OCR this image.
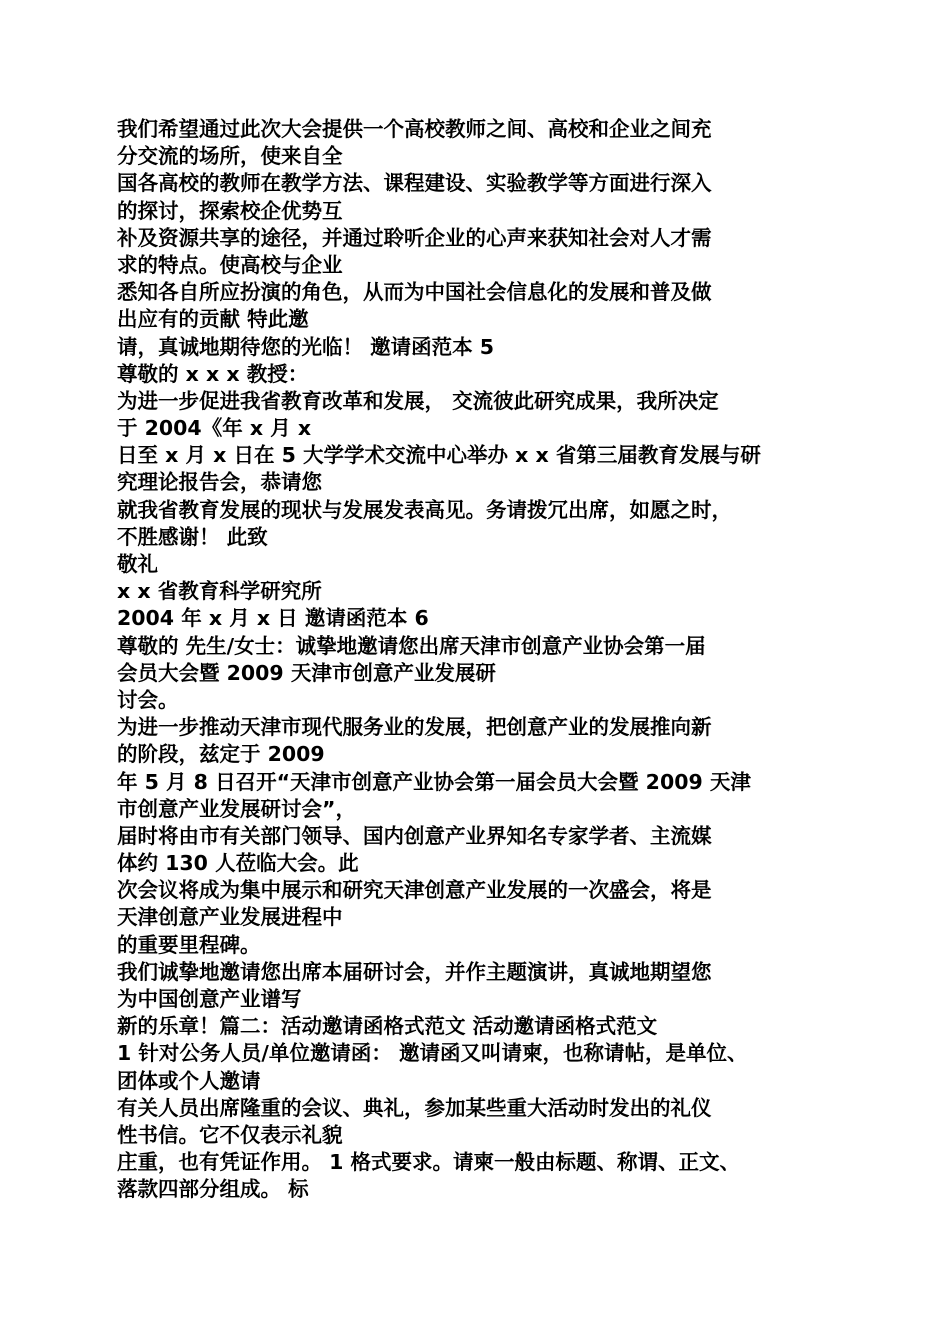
我们希望通过此次大会提供一个高校教师之间、高校和企业之间充
分交流的场所，使来自全
国各高校的教师在教学方法、课程建设、实验教学等方面进行深入
的探讨，探索校企优势互
补及资源共享的途径，并通过聆听企业的心声来获知社会对人才需
求的特点。使高校与企业
悉知各自所应扮演的角色，从而为中国社会信息化的发展和普及做
出应有的贡献 特此邀
请，真诚地期待您的光临！ 邀请函范本 5
尊敬的 x x x 教授：
为进一步促进我省教育改革和发展， 交流彼此研究成果，我所决定
于 2004《年 x 月 x
日至 x 月 x 日在 5 大学学术交流中心举办 x x 省第三届教育发展与研
究理论报告会，恭请您
就我省教育发展的现状与发展发表高见。务请拨冗出席，如愿之时，
不胜感谢！ 此致
敬礼
x x 省教育科学研究所
2004 年 x 月 x 日 邀请函范本 6
尊敬的 先生/女士：诚挚地邀请您出席天津市创意产业协会第一届
会员大会暨 2009 天津市创意产业发展研
讨会。
为进一步推动天津市现代服务业的发展，把创意产业的发展推向新
的阶段，兹定于 2009
年 5 月 8 日召开“天津市创意产业协会第一届会员大会暨 2009 天津
市创意产业发展研讨会”，
届时将由市有关部门领导、国内创意产业界知名专家学者、主流媒
体约 130 人莅临大会。此
次会议将成为集中展示和研究天津创意产业发展的一次盛会，将是
天津创意产业发展进程中
的重要里程碑。
我们诚挚地邀请您出席本届研讨会，并作主题演讲，真诚地期望您
为中国创意产业谱写
新的乐章！篇二：活动邀请函格式范文 活动邀请函格式范文
1 针对公务人员/单位邀请函： 邀请函又叫请柬，也称请帖，是单位、
团体或个人邀请
有关人员出席隆重的会议、典礼，参加某些重大活动时发出的礼仪
性书信。它不仅表示礼貌
庄重，也有凭证作用。 1 格式要求。请柬一般由标题、称谓、正文、
落款四部分组成。 标
